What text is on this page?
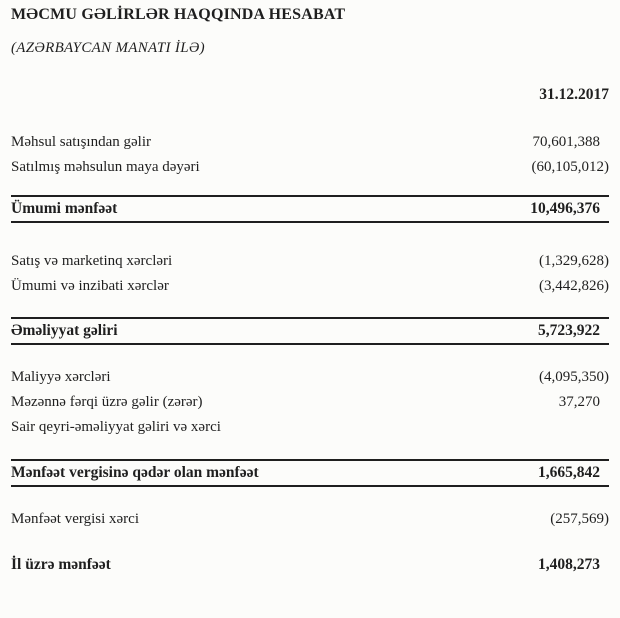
MƏCMU GƏLİRLƏR HAQQINDA HESABAT
(AZƏRBAYCAN MANATI İLƏ)
31.12.2017
Məhsul satışından gəlir	70,601,388
Satılmış məhsulun maya dəyəri	(60,105,012)
Ümumi mənfəət	10,496,376
Satış və marketinq xərcləri	(1,329,628)
Ümumi və inzibati xərclər	(3,442,826)
Əməliyyat gəliri	5,723,922
Maliyyə xərcləri	(4,095,350)
Məzənnə fərqi üzrə gəlir (zərər)	37,270
Sair qeyri-əməliyyat gəliri və xərci
Mənfəət vergisinə qədər olan mənfəət	1,665,842
Mənfəət vergisi xərci	(257,569)
İl üzrə mənfəət	1,408,273
